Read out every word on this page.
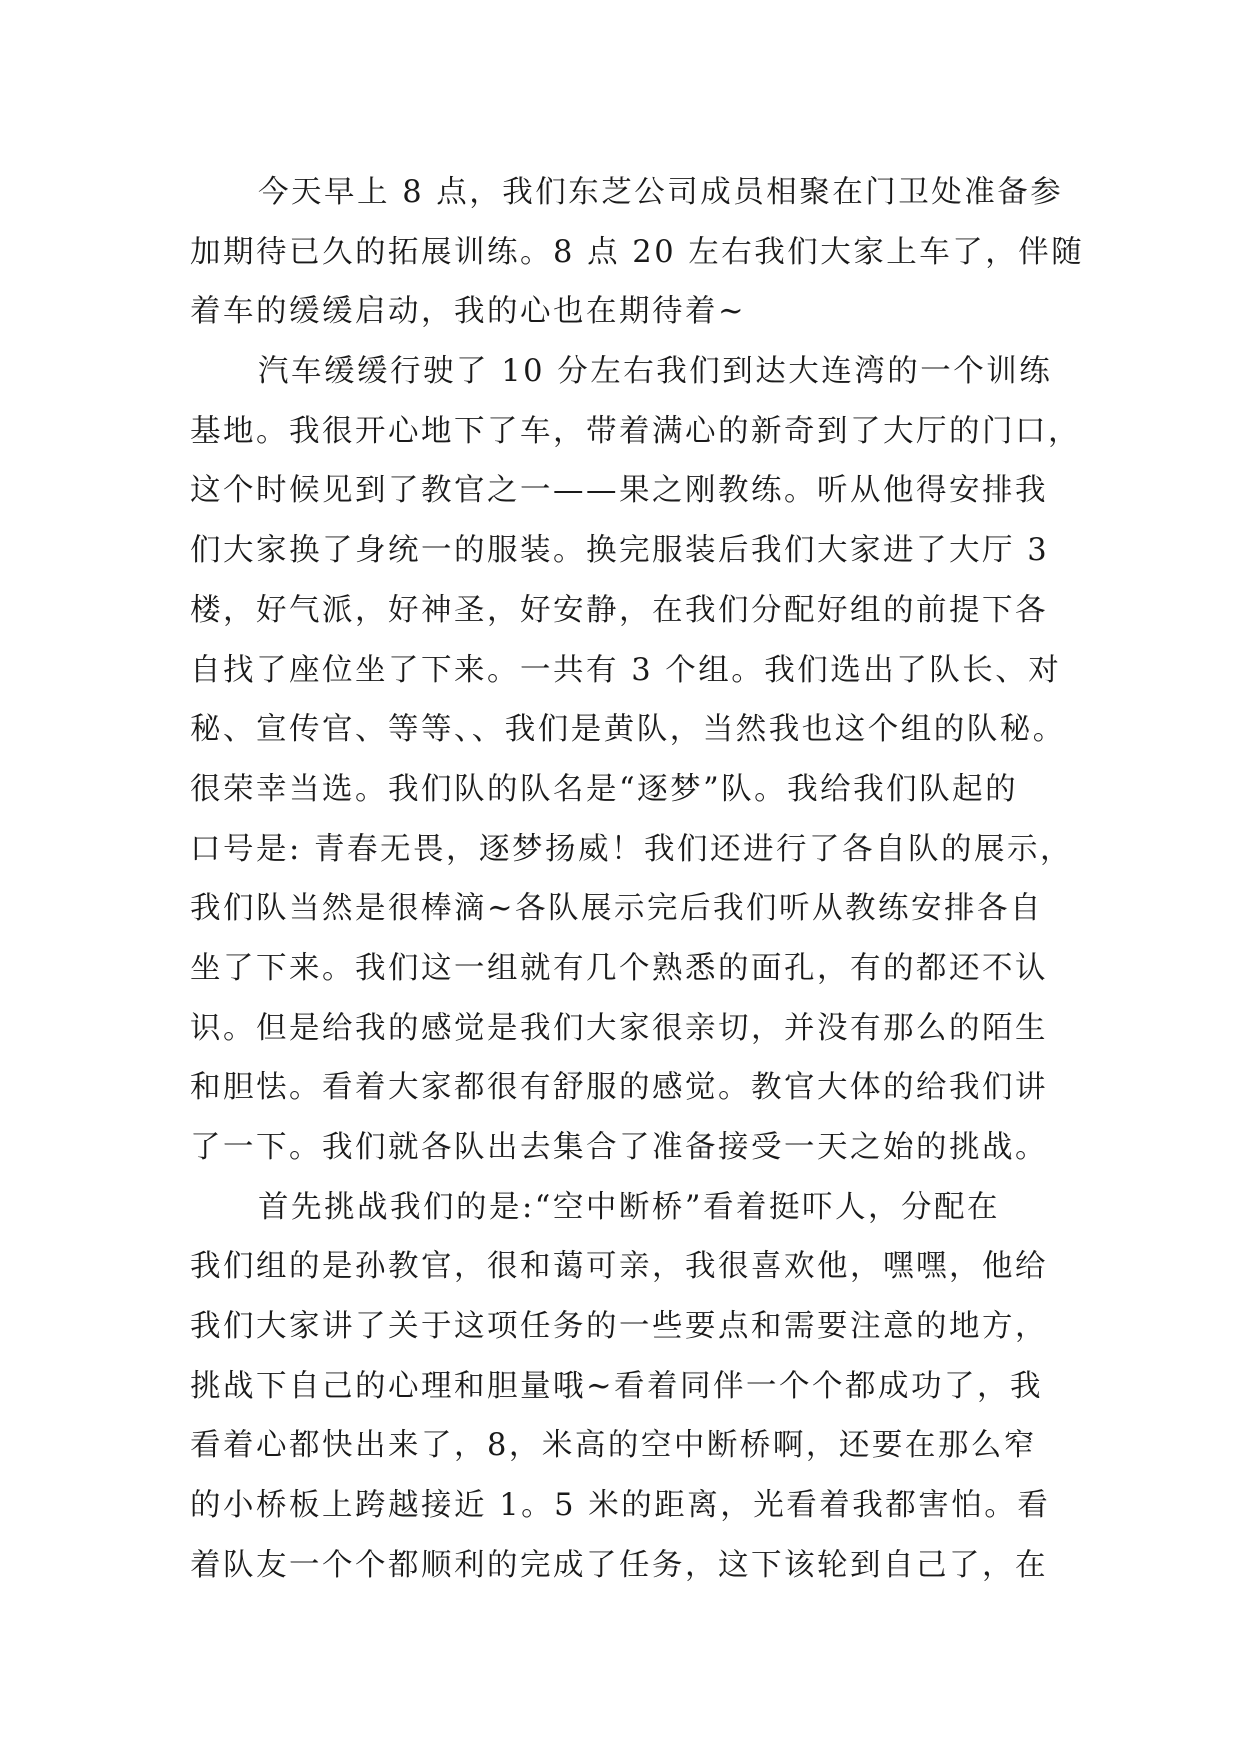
今天早上 8 点，我们东芝公司成员相聚在门卫处准备参
加期待已久的拓展训练。8 点 20 左右我们大家上车了，伴随
着车的缓缓启动，我的心也在期待着~
汽车缓缓行驶了 10 分左右我们到达大连湾的一个训练
基地。我很开心地下了车，带着满心的新奇到了大厅的门口，
这个时候见到了教官之一——果之刚教练。听从他得安排我
们大家换了身统一的服装。换完服装后我们大家进了大厅 3
楼，好气派，好神圣，好安静，在我们分配好组的前提下各
自找了座位坐了下来。一共有 3 个组。我们选出了队长、对
秘、宣传官、等等、、我们是黄队，当然我也这个组的队秘。
很荣幸当选。我们队的队名是“逐梦”队。我给我们队起的
口号是: 青春无畏，逐梦扬威！我们还进行了各自队的展示，
我们队当然是很棒滴~各队展示完后我们听从教练安排各自
坐了下来。我们这一组就有几个熟悉的面孔，有的都还不认
识。但是给我的感觉是我们大家很亲切，并没有那么的陌生
和胆怯。看着大家都很有舒服的感觉。教官大体的给我们讲
了一下。我们就各队出去集合了准备接受一天之始的挑战。
首先挑战我们的是:“空中断桥”看着挺吓人，分配在
我们组的是孙教官，很和蔼可亲，我很喜欢他，嘿嘿，他给
我们大家讲了关于这项任务的一些要点和需要注意的地方，
挑战下自己的心理和胆量哦~看着同伴一个个都成功了，我
看着心都快出来了，8，米高的空中断桥啊，还要在那么窄
的小桥板上跨越接近 1。5 米的距离，光看着我都害怕。看
着队友一个个都顺利的完成了任务，这下该轮到自己了，在
